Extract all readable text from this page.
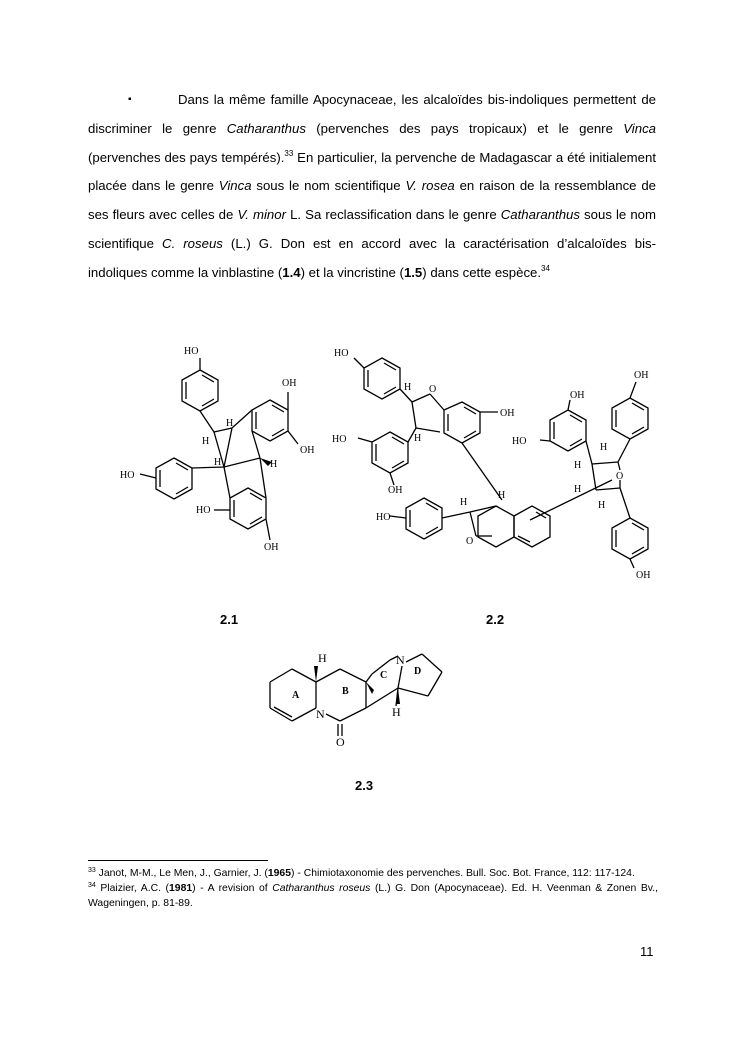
▪	Dans la même famille Apocynaceae, les alcaloïdes bis-indoliques permettent de discriminer le genre Catharanthus (pervenches des pays tropicaux) et le genre Vinca (pervenches des pays tempérés).$^{33}$ En particulier, la pervenche de Madagascar a été initialement placée dans le genre Vinca sous le nom scientifique V. rosea en raison de la ressemblance de ses fleurs avec celles de V. minor L. Sa reclassification dans le genre Catharanthus sous le nom scientifique C. roseus (L.) G. Don est en accord avec la caractérisation d’alcaloïdes bis-indoliques comme la vinblastine (1.4) et la vincristine (1.5) dans cette espèce.$^{34}$
HO
OH
OH
HO
HO
OH
H
H
H	H
HO
O
H
H
OH
HO
OH
HO
H
H
O
OH
HO
OH
H
H
H
H
O
OH
2.1	2.2
H
N
O
N
H
A	B
C	D
2.3

$^{33}$ Janot, M-M., Le Men, J., Garnier, J. (1965) - Chimiotaxonomie des pervenches. Bull. Soc. Bot. France, 112: 117-124.

$^{34}$ Plaizier, A.C. (1981) - A revision of Catharanthus roseus (L.) G. Don (Apocynaceae). Ed. H. Veenman & Zonen Bv., Wageningen, p. 81-89.

11
